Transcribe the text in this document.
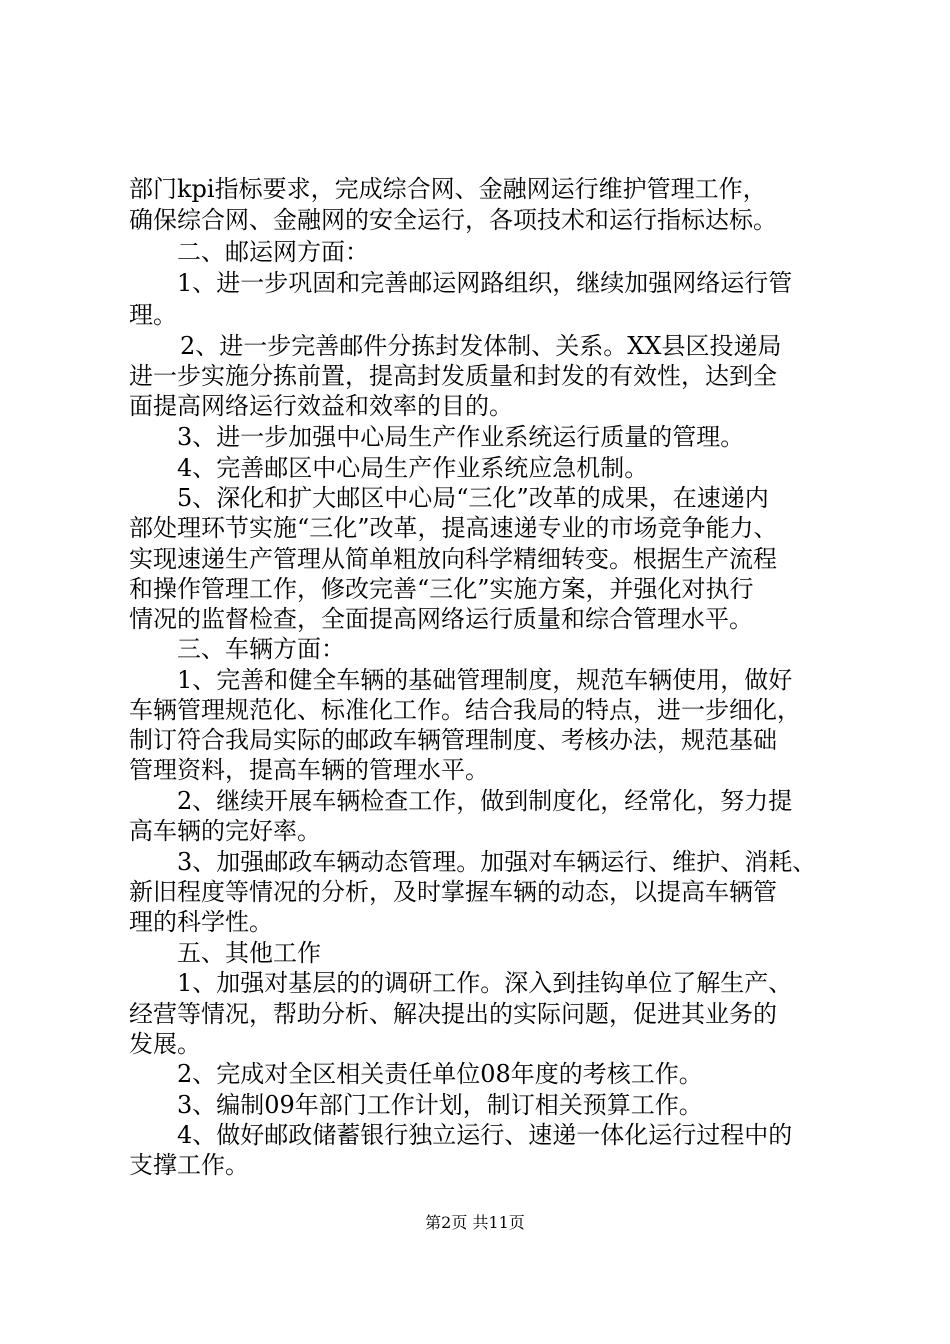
部门kpi指标要求，完成综合网、金融网运行维护管理工作，

确保综合网、金融网的安全运行，各项技术和运行指标达标。

二、邮运网方面：

1、进一步巩固和完善邮运网路组织，继续加强网络运行管

理。

2、进一步完善邮件分拣封发体制、关系。XX县区投递局

进一步实施分拣前置，提高封发质量和封发的有效性，达到全

面提高网络运行效益和效率的目的。

3、进一步加强中心局生产作业系统运行质量的管理。

4、完善邮区中心局生产作业系统应急机制。

5、深化和扩大邮区中心局“三化”改革的成果，在速递内

部处理环节实施“三化”改革，提高速递专业的市场竞争能力、

实现速递生产管理从简单粗放向科学精细转变。根据生产流程

和操作管理工作，修改完善“三化”实施方案，并强化对执行

情况的监督检查，全面提高网络运行质量和综合管理水平。

三、车辆方面：

1、完善和健全车辆的基础管理制度，规范车辆使用，做好

车辆管理规范化、标准化工作。结合我局的特点，进一步细化，

制订符合我局实际的邮政车辆管理制度、考核办法，规范基础

管理资料，提高车辆的管理水平。

2、继续开展车辆检查工作，做到制度化，经常化，努力提

高车辆的完好率。

3、加强邮政车辆动态管理。加强对车辆运行、维护、消耗、

新旧程度等情况的分析，及时掌握车辆的动态，以提高车辆管

理的科学性。

五、其他工作

1、加强对基层的的调研工作。深入到挂钩单位了解生产、

经营等情况，帮助分析、解决提出的实际问题，促进其业务的

发展。

2、完成对全区相关责任单位08年度的考核工作。

3、编制09年部门工作计划，制订相关预算工作。

4、做好邮政储蓄银行独立运行、速递一体化运行过程中的

支撑工作。

第2页 共11页
